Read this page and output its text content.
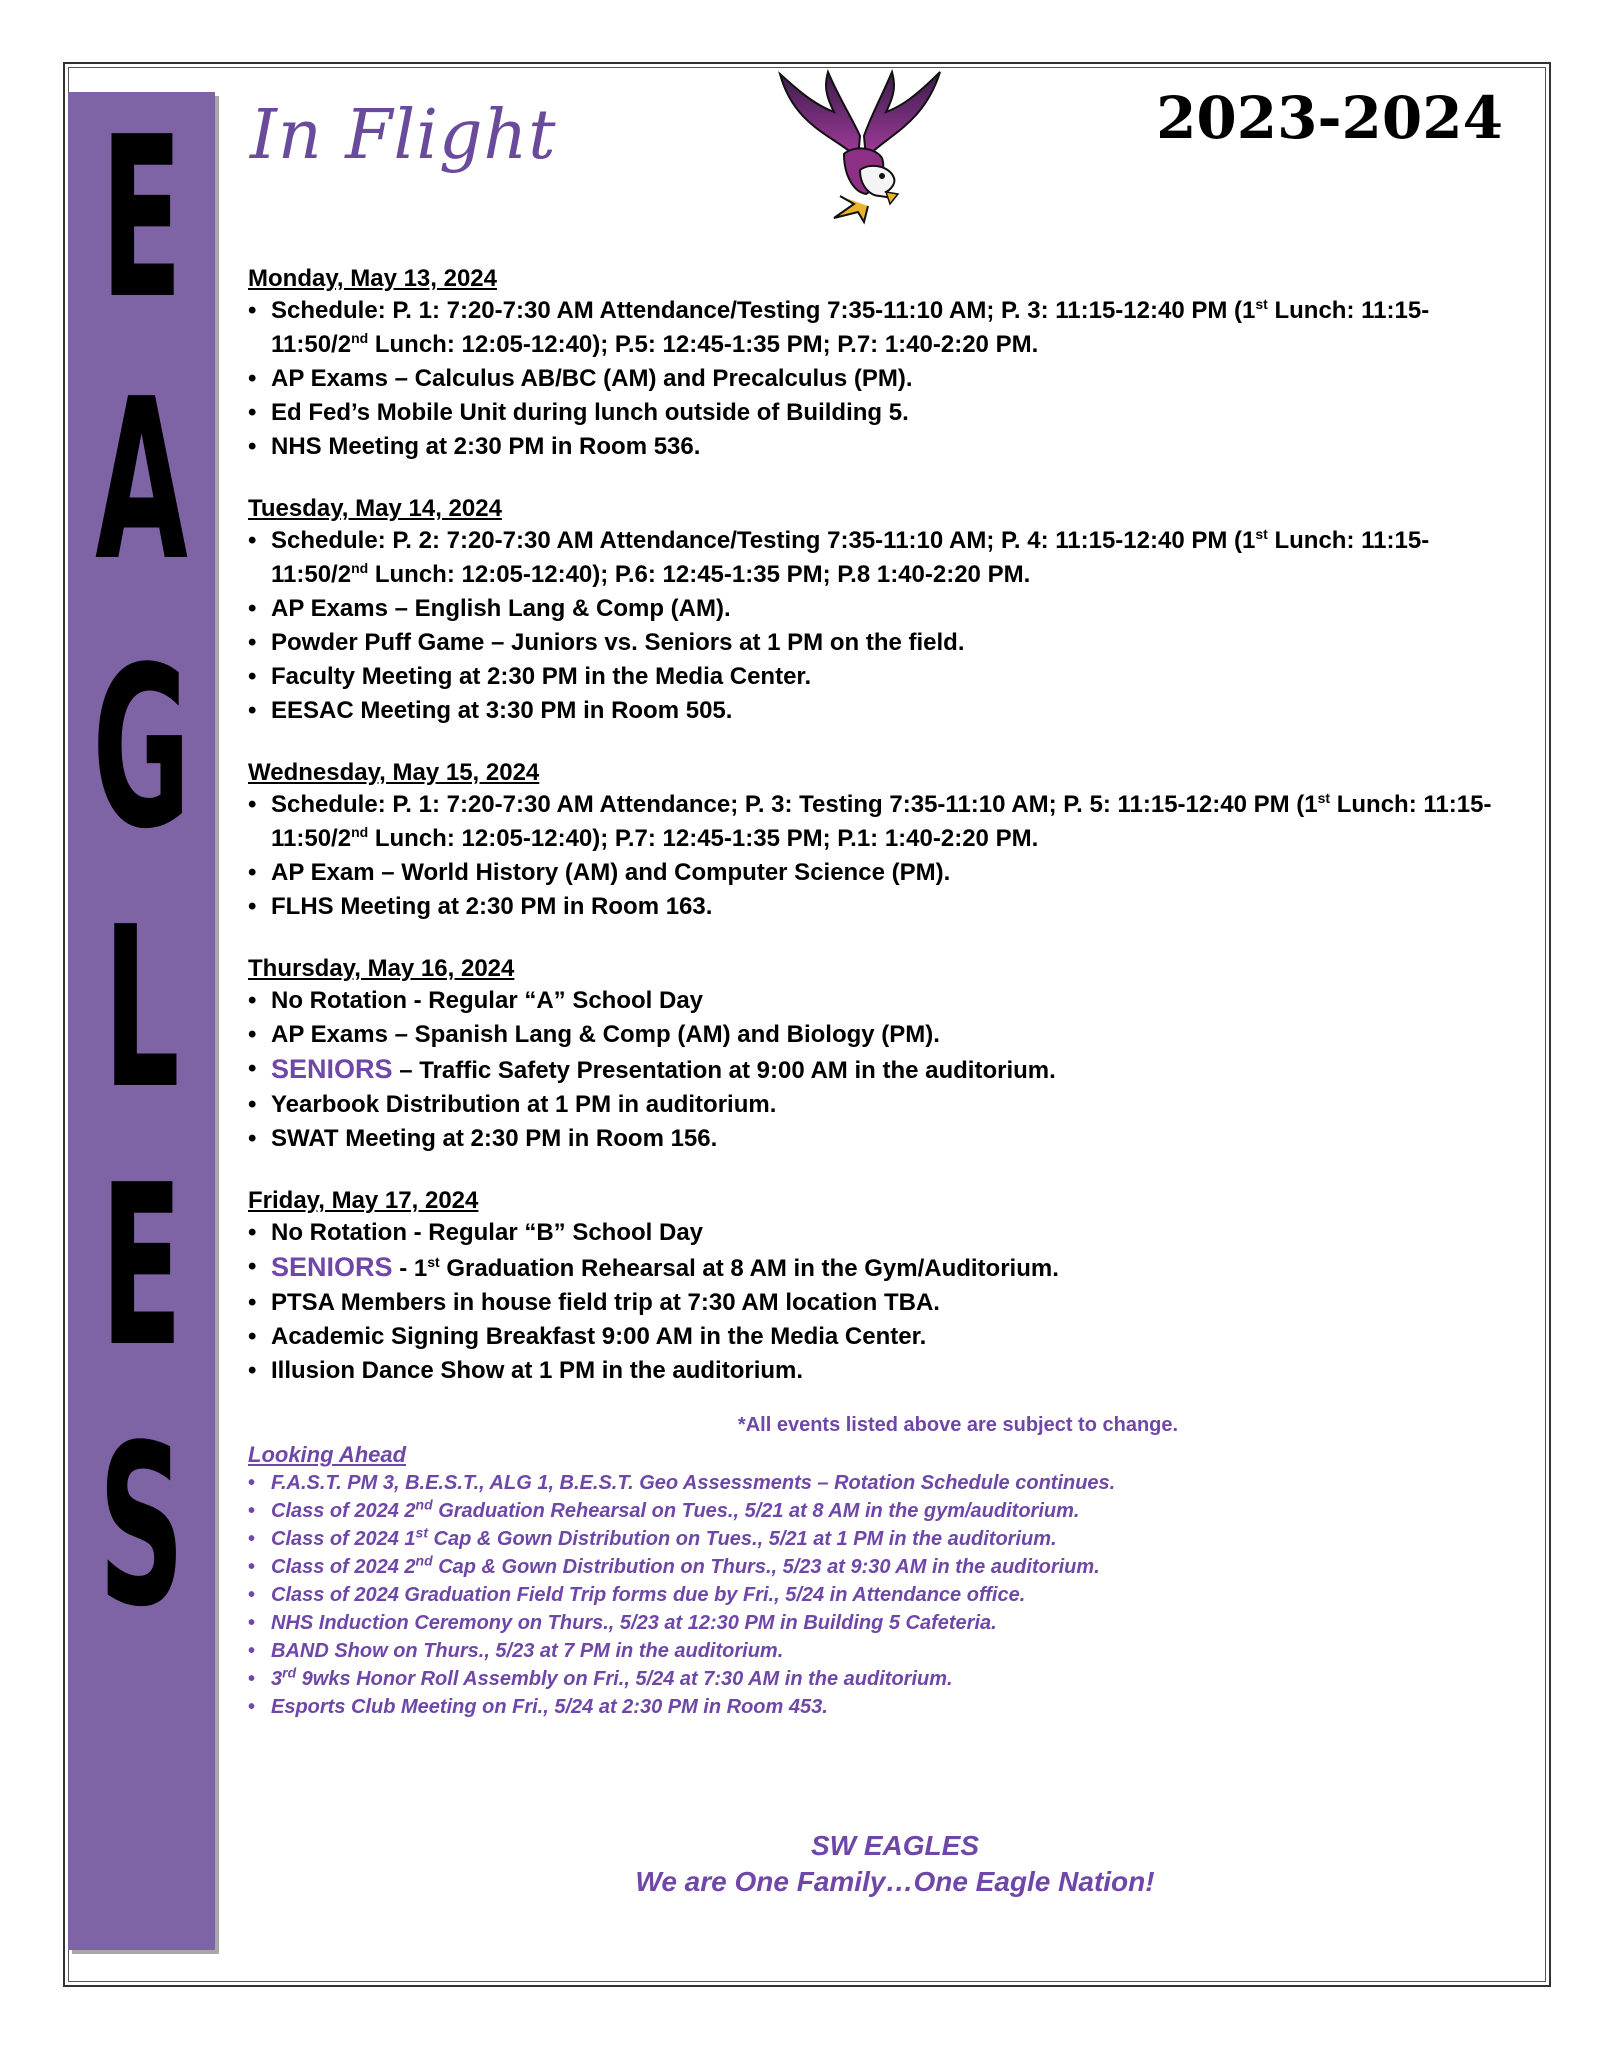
E
A
G
L
E
S
In Flight	2023-2024
Monday, May 13, 2024
• Schedule: P. 1: 7:20-7:30 AM Attendance/Testing 7:35-11:10 AM; P. 3: 11:15-12:40 PM (1st Lunch: 11:15-11:50/2nd Lunch: 12:05-12:40); P.5: 12:45-1:35 PM; P.7: 1:40-2:20 PM.
• AP Exams – Calculus AB/BC (AM) and Precalculus (PM).
• Ed Fed’s Mobile Unit during lunch outside of Building 5.
• NHS Meeting at 2:30 PM in Room 536.
Tuesday, May 14, 2024
• Schedule: P. 2: 7:20-7:30 AM Attendance/Testing 7:35-11:10 AM; P. 4: 11:15-12:40 PM (1st Lunch: 11:15-11:50/2nd Lunch: 12:05-12:40); P.6: 12:45-1:35 PM; P.8 1:40-2:20 PM.
• AP Exams – English Lang & Comp (AM).
• Powder Puff Game – Juniors vs. Seniors at 1 PM on the field.
• Faculty Meeting at 2:30 PM in the Media Center.
• EESAC Meeting at 3:30 PM in Room 505.
Wednesday, May 15, 2024
• Schedule: P. 1: 7:20-7:30 AM Attendance; P. 3: Testing 7:35-11:10 AM; P. 5: 11:15-12:40 PM (1st Lunch: 11:15-11:50/2nd Lunch: 12:05-12:40); P.7: 12:45-1:35 PM; P.1: 1:40-2:20 PM.
• AP Exam – World History (AM) and Computer Science (PM).
• FLHS Meeting at 2:30 PM in Room 163.
Thursday, May 16, 2024
• No Rotation - Regular “A” School Day
• AP Exams – Spanish Lang & Comp (AM) and Biology (PM).
• SENIORS – Traffic Safety Presentation at 9:00 AM in the auditorium.
• Yearbook Distribution at 1 PM in auditorium.
• SWAT Meeting at 2:30 PM in Room 156.
Friday, May 17, 2024
• No Rotation - Regular “B” School Day
• SENIORS - 1st Graduation Rehearsal at 8 AM in the Gym/Auditorium.
• PTSA Members in house field trip at 7:30 AM location TBA.
• Academic Signing Breakfast 9:00 AM in the Media Center.
• Illusion Dance Show at 1 PM in the auditorium.
*All events listed above are subject to change.
Looking Ahead
• F.A.S.T. PM 3, B.E.S.T., ALG 1, B.E.S.T. Geo Assessments – Rotation Schedule continues.
• Class of 2024 2nd Graduation Rehearsal on Tues., 5/21 at 8 AM in the gym/auditorium.
• Class of 2024 1st Cap & Gown Distribution on Tues., 5/21 at 1 PM in the auditorium.
• Class of 2024 2nd Cap & Gown Distribution on Thurs., 5/23 at 9:30 AM in the auditorium.
• Class of 2024 Graduation Field Trip forms due by Fri., 5/24 in Attendance office.
• NHS Induction Ceremony on Thurs., 5/23 at 12:30 PM in Building 5 Cafeteria.
• BAND Show on Thurs., 5/23 at 7 PM in the auditorium.
• 3rd 9wks Honor Roll Assembly on Fri., 5/24 at 7:30 AM in the auditorium.
• Esports Club Meeting on Fri., 5/24 at 2:30 PM in Room 453.
SW EAGLES
We are One Family…One Eagle Nation!
